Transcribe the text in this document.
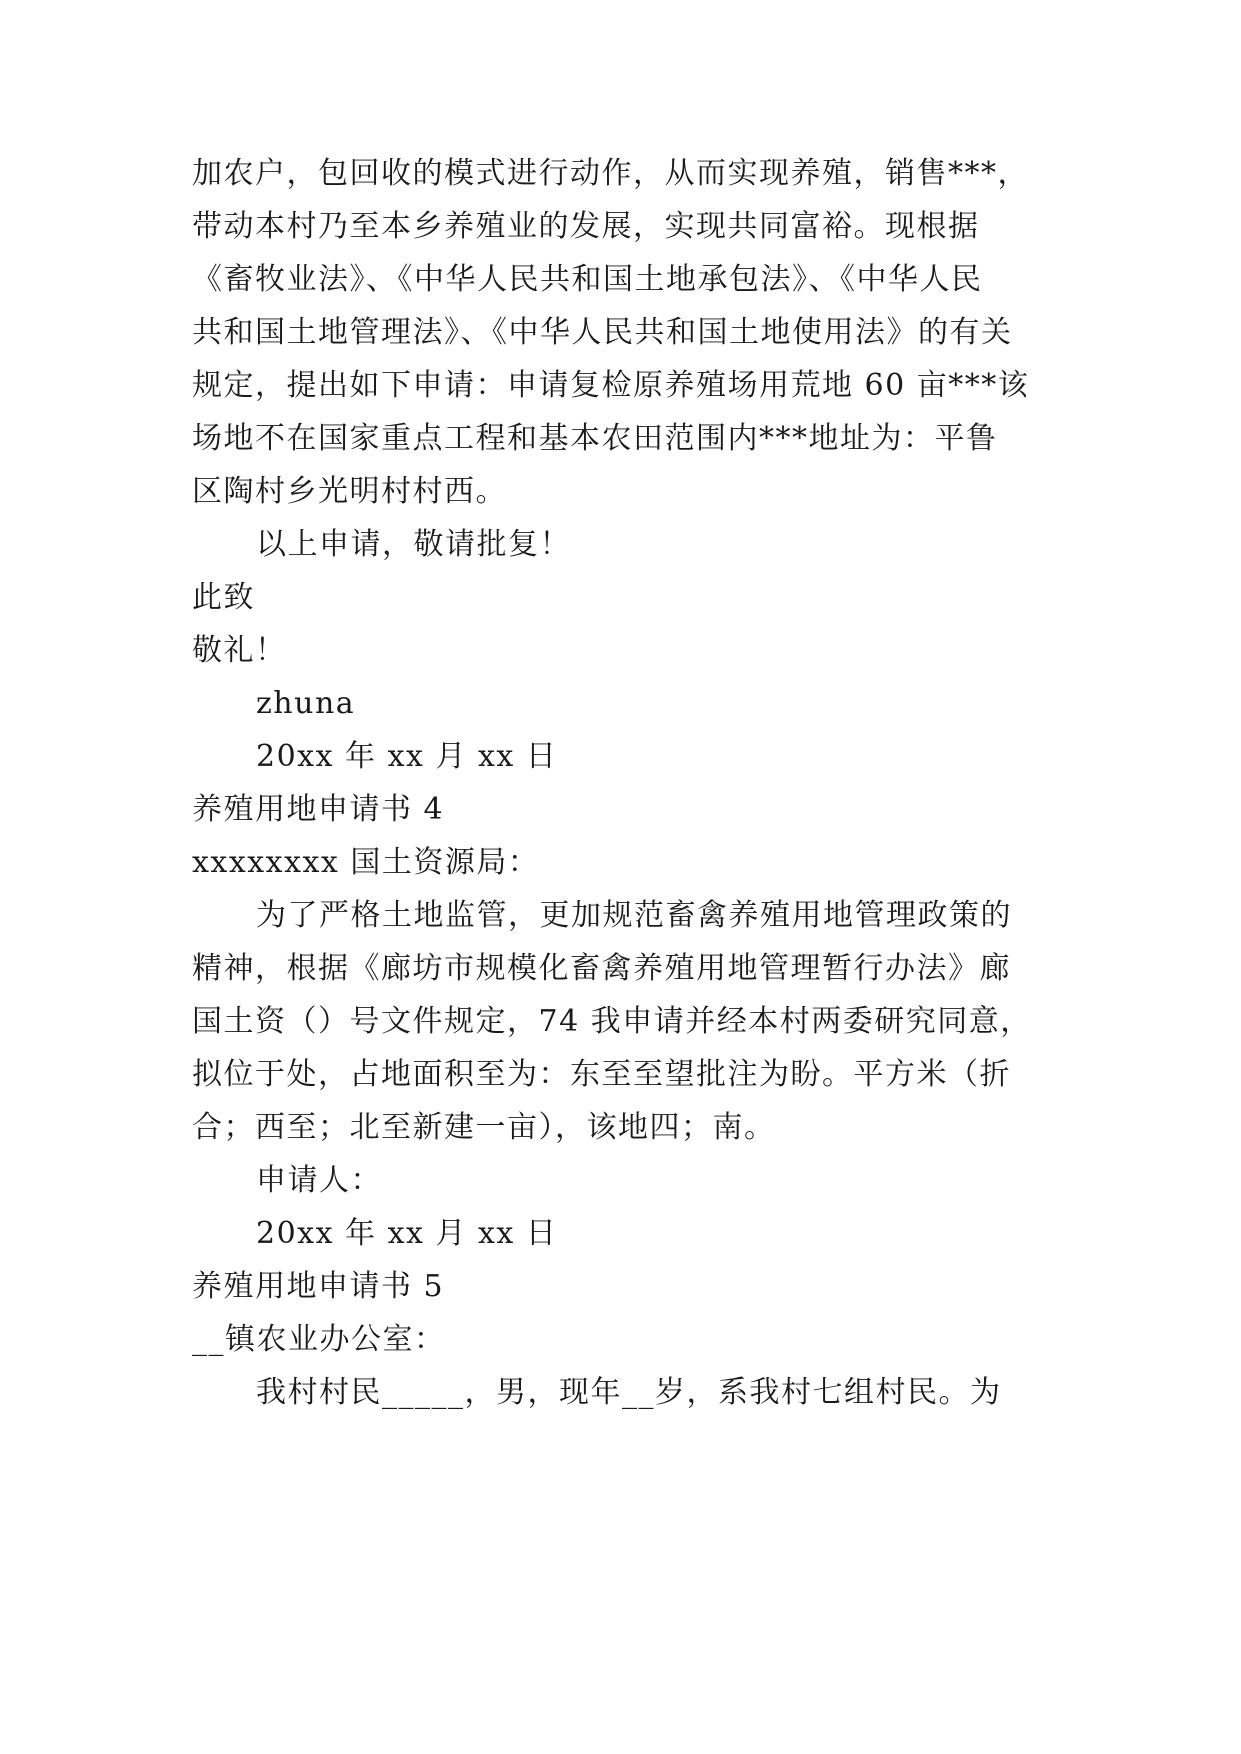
加农户，包回收的模式进行动作，从而实现养殖，销售***，
带动本村乃至本乡养殖业的发展，实现共同富裕。现根据
《畜牧业法》、《中华人民共和国土地承包法》、《中华人民
共和国土地管理法》、《中华人民共和国土地使用法》的有关
规定，提出如下申请：申请复检原养殖场用荒地 60 亩***该
场地不在国家重点工程和基本农田范围内***地址为：平鲁
区陶村乡光明村村西。
以上申请，敬请批复！
此致
敬礼！
zhuna
20xx 年 xx 月 xx 日
养殖用地申请书 4
xxxxxxxx 国土资源局：
为了严格土地监管，更加规范畜禽养殖用地管理政策的
精神，根据《廊坊市规模化畜禽养殖用地管理暂行办法》廊
国土资（）号文件规定，74 我申请并经本村两委研究同意，
拟位于处，占地面积至为：东至至望批注为盼。平方米（折
合；西至；北至新建一亩），该地四；南。
申请人：
20xx 年 xx 月 xx 日
养殖用地申请书 5
__镇农业办公室：
我村村民_____，男，现年__岁，系我村七组村民。为
